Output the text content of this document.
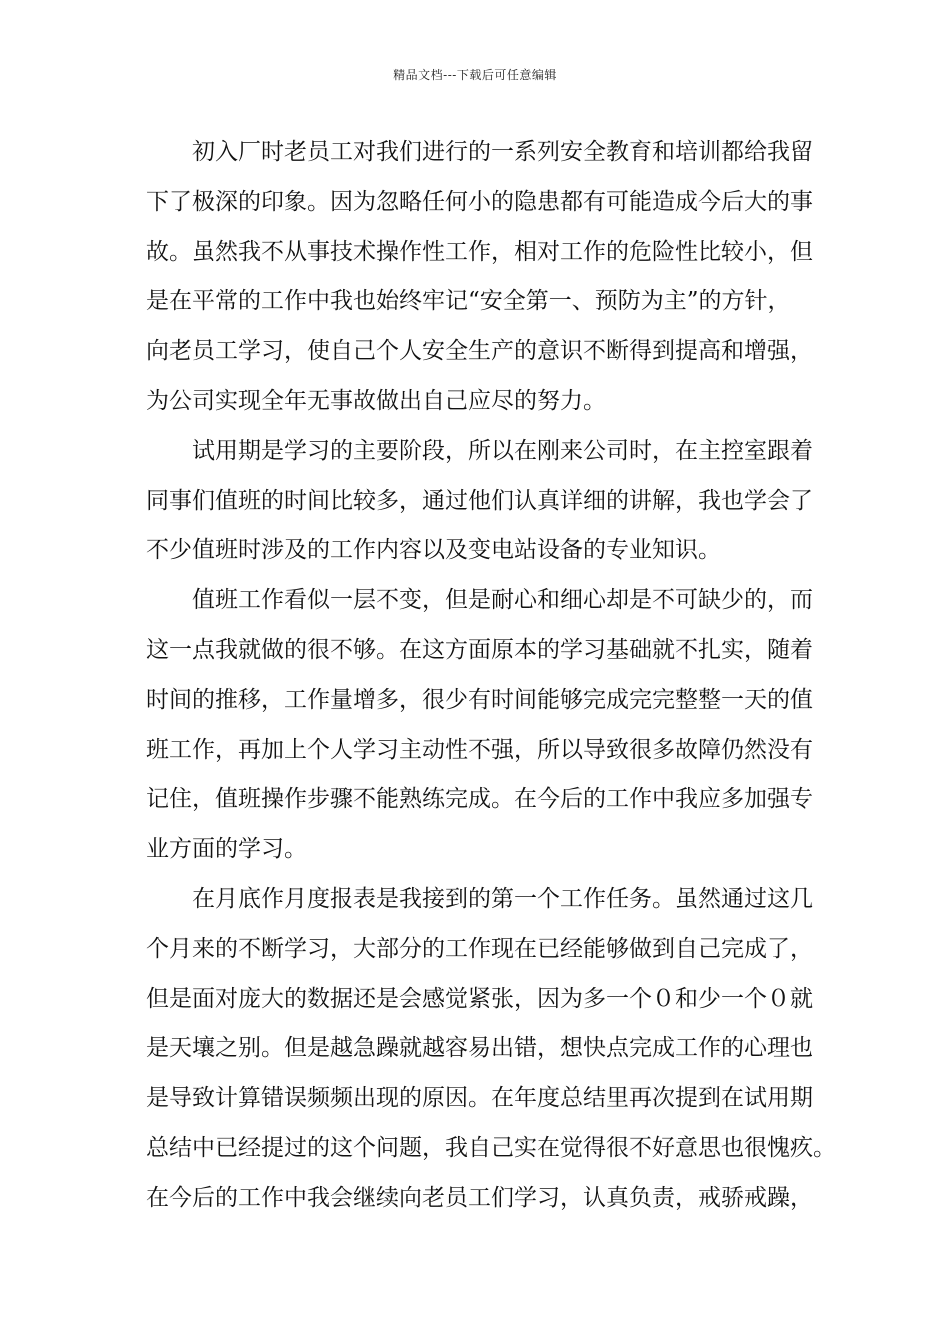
精品文档---下载后可任意编辑
初入厂时老员工对我们进行的一系列安全教育和培训都给我留
下了极深的印象。因为忽略任何小的隐患都有可能造成今后大的事
故。虽然我不从事技术操作性工作，相对工作的危险性比较小，但
是在平常的工作中我也始终牢记“安全第一、预防为主”的方针，
向老员工学习，使自己个人安全生产的意识不断得到提高和增强，
为公司实现全年无事故做出自己应尽的努力。
试用期是学习的主要阶段，所以在刚来公司时，在主控室跟着
同事们值班的时间比较多，通过他们认真详细的讲解，我也学会了
不少值班时涉及的工作内容以及变电站设备的专业知识。
值班工作看似一层不变，但是耐心和细心却是不可缺少的，而
这一点我就做的很不够。在这方面原本的学习基础就不扎实，随着
时间的推移，工作量增多，很少有时间能够完成完完整整一天的值
班工作，再加上个人学习主动性不强，所以导致很多故障仍然没有
记住，值班操作步骤不能熟练完成。在今后的工作中我应多加强专
业方面的学习。
在月底作月度报表是我接到的第一个工作任务。虽然通过这几
个月来的不断学习，大部分的工作现在已经能够做到自己完成了，
但是面对庞大的数据还是会感觉紧张，因为多一个０和少一个０就
是天壤之别。但是越急躁就越容易出错，想快点完成工作的心理也
是导致计算错误频频出现的原因。在年度总结里再次提到在试用期
总结中已经提过的这个问题，我自己实在觉得很不好意思也很愧疚。
在今后的工作中我会继续向老员工们学习，认真负责，戒骄戒躁，
